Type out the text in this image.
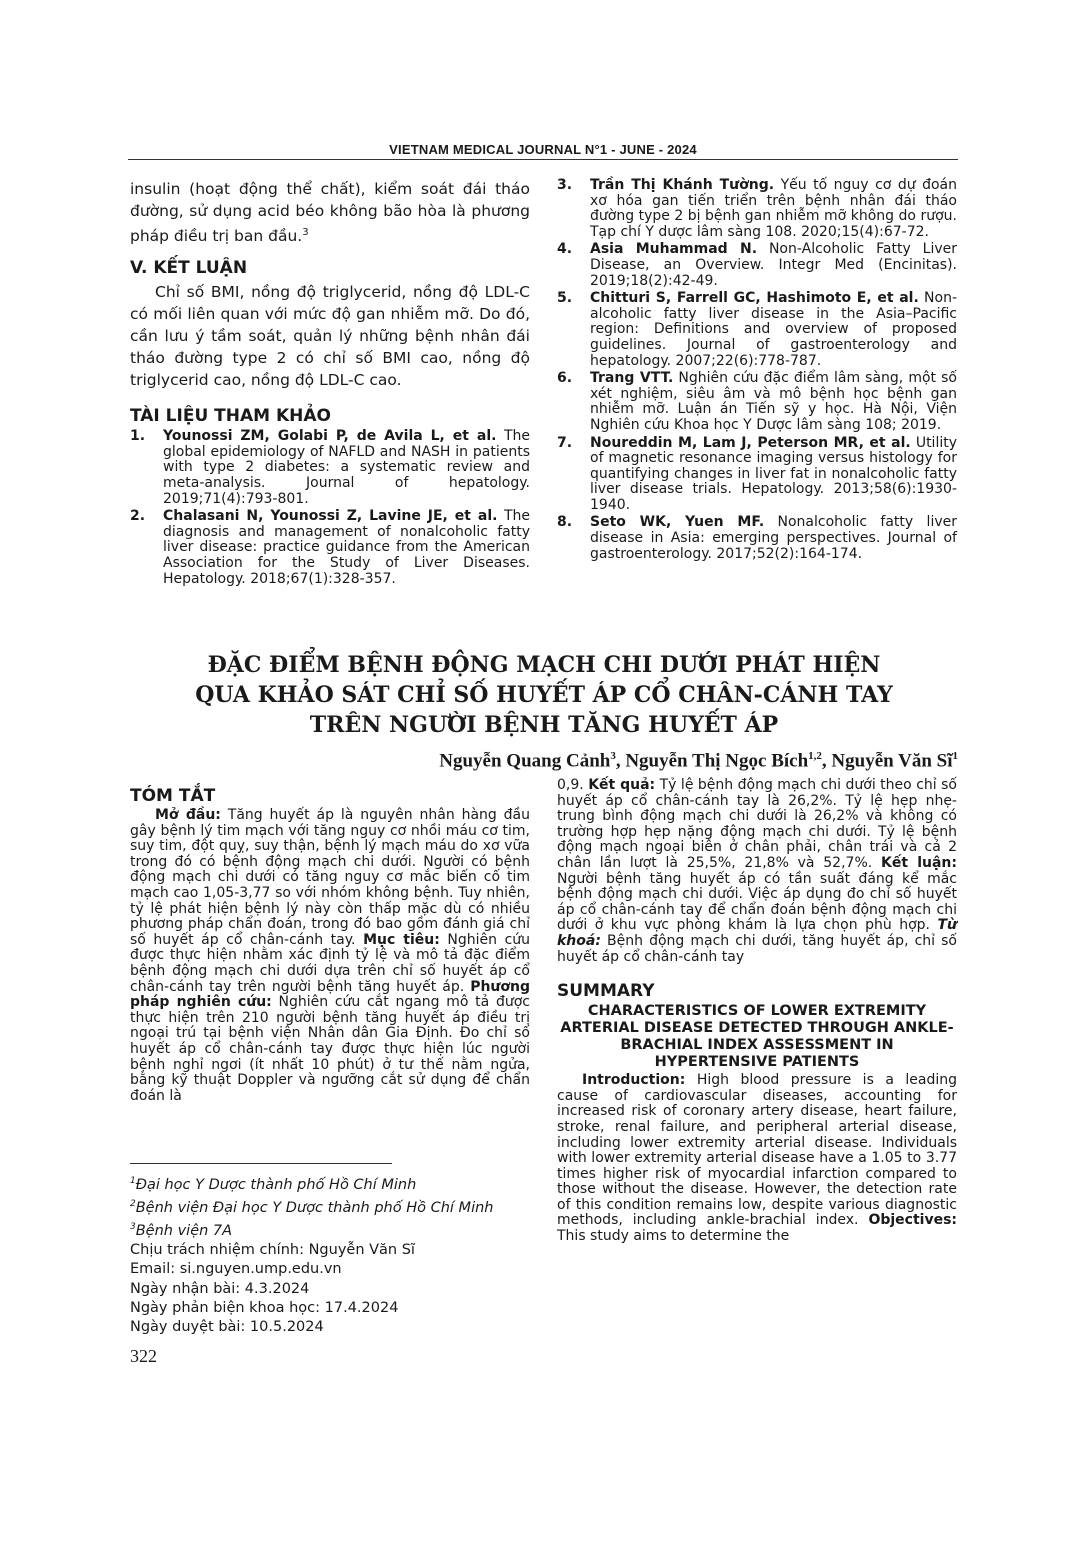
VIETNAM MEDICAL JOURNAL N°1 - JUNE - 2024

insulin (hoạt động thể chất), kiểm soát đái tháo đường, sử dụng acid béo không bão hòa là phương pháp điều trị ban đầu.$^3$

V. KẾT LUẬN

Chỉ số BMI, nồng độ triglycerid, nồng độ LDL-C có mối liên quan với mức độ gan nhiễm mỡ. Do đó, cần lưu ý tầm soát, quản lý những bệnh nhân đái tháo đường type 2 có chỉ số BMI cao, nồng độ triglycerid cao, nồng độ LDL-C cao.

TÀI LIỆU THAM KHẢO
1.	Younossi ZM, Golabi P, de Avila L, et al. The global epidemiology of NAFLD and NASH in patients with type 2 diabetes: a systematic review and meta-analysis. Journal of hepatology. 2019;71(4):793-801.
2.	Chalasani N, Younossi Z, Lavine JE, et al. The diagnosis and management of nonalcoholic fatty liver disease: practice guidance from the American Association for the Study of Liver Diseases. Hepatology. 2018;67(1):328-357.
3.	Trần Thị Khánh Tường. Yếu tố nguy cơ dự đoán xơ hóa gan tiến triển trên bệnh nhân đái tháo đường type 2 bị bệnh gan nhiễm mỡ không do rượu. Tạp chí Y dược lâm sàng 108. 2020;15(4):67-72.
4.	Asia Muhammad N. Non-Alcoholic Fatty Liver Disease, an Overview. Integr Med (Encinitas). 2019;18(2):42-49.
5.	Chitturi S, Farrell GC, Hashimoto E, et al. Non-alcoholic fatty liver disease in the Asia–Pacific region: Definitions and overview of proposed guidelines. Journal of gastroenterology and hepatology. 2007;22(6):778-787.
6.	Trang VTT. Nghiên cứu đặc điểm lâm sàng, một số xét nghiệm, siêu âm và mô bệnh học bệnh gan nhiễm mỡ. Luận án Tiến sỹ y học. Hà Nội, Viện Nghiên cứu Khoa học Y Dược lâm sàng 108; 2019.
7.	Noureddin M, Lam J, Peterson MR, et al. Utility of magnetic resonance imaging versus histology for quantifying changes in liver fat in nonalcoholic fatty liver disease trials. Hepatology. 2013;58(6):1930-1940.
8.	Seto WK, Yuen MF. Nonalcoholic fatty liver disease in Asia: emerging perspectives. Journal of gastroenterology. 2017;52(2):164-174.
ĐẶC ĐIỂM BỆNH ĐỘNG MẠCH CHI DƯỚI PHÁT HIỆN
QUA KHẢO SÁT CHỈ SỐ HUYẾT ÁP CỔ CHÂN-CÁNH TAY
TRÊN NGƯỜI BỆNH TĂNG HUYẾT ÁP
Nguyễn Quang Cảnh$^3$, Nguyễn Thị Ngọc Bích$^{1,2}$, Nguyễn Văn $Sĩ^1$
TÓM TẮT

Mở đầu: Tăng huyết áp là nguyên nhân hàng đầu gây bệnh lý tim mạch với tăng nguy cơ nhồi máu cơ tim, suy tim, đột quỵ, suy thận, bệnh lý mạch máu do xơ vữa trong đó có bệnh động mạch chi dưới. Người có bệnh động mạch chi dưới có tăng nguy cơ mắc biến cố tim mạch cao 1,05-3,77 so với nhóm không bệnh. Tuy nhiên, tỷ lệ phát hiện bệnh lý này còn thấp mặc dù có nhiều phương pháp chẩn đoán, trong đó bao gồm đánh giá chỉ số huyết áp cổ chân-cánh tay. Mục tiêu: Nghiên cứu được thực hiện nhằm xác định tỷ lệ và mô tả đặc điểm bệnh động mạch chi dưới dựa trên chỉ số huyết áp cổ chân-cánh tay trên người bệnh tăng huyết áp. Phương pháp nghiên cứu: Nghiên cứu cắt ngang mô tả được thực hiện trên 210 người bệnh tăng huyết áp điều trị ngoại trú tại bệnh viện Nhân dân Gia Định. Đo chỉ số huyết áp cổ chân-cánh tay được thực hiện lúc người bệnh nghỉ ngơi (ít nhất 10 phút) ở tư thế nằm ngửa, bằng kỹ thuật Doppler và ngưỡng cắt sử dụng để chẩn đoán là

$^1$Đại học Y Dược thành phố Hồ Chí Minh
$^2$Bệnh viện Đại học Y Dược thành phố Hồ Chí Minh
$^3$Bệnh viện 7A
Chịu trách nhiệm chính: Nguyễn Văn Sĩ
Email: si.nguyen.ump.edu.vn
Ngày nhận bài: 4.3.2024
Ngày phản biện khoa học: 17.4.2024
Ngày duyệt bài: 10.5.2024
322

0,9. Kết quả: Tỷ lệ bệnh động mạch chi dưới theo chỉ số huyết áp cổ chân-cánh tay là 26,2%. Tỷ lệ hẹp nhẹ-trung bình động mạch chi dưới là 26,2% và không có trường hợp hẹp nặng động mạch chi dưới. Tỷ lệ bệnh động mạch ngoại biên ở chân phải, chân trái và cả 2 chân lần lượt là 25,5%, 21,8% và 52,7%. Kết luận: Người bệnh tăng huyết áp có tần suất đáng kể mắc bệnh động mạch chi dưới. Việc áp dụng đo chỉ số huyết áp cổ chân-cánh tay để chẩn đoán bệnh động mạch chi dưới ở khu vực phòng khám là lựa chọn phù hợp. Từ khoá: Bệnh động mạch chi dưới, tăng huyết áp, chỉ số huyết áp cổ chân-cánh tay

SUMMARY
CHARACTERISTICS OF LOWER EXTREMITY ARTERIAL DISEASE DETECTED THROUGH ANKLE-BRACHIAL INDEX ASSESSMENT IN HYPERTENSIVE PATIENTS

Introduction: High blood pressure is a leading cause of cardiovascular diseases, accounting for increased risk of coronary artery disease, heart failure, stroke, renal failure, and peripheral arterial disease, including lower extremity arterial disease. Individuals with lower extremity arterial disease have a 1.05 to 3.77 times higher risk of myocardial infarction compared to those without the disease. However, the detection rate of this condition remains low, despite various diagnostic methods, including ankle-brachial index. Objectives: This study aims to determine the
